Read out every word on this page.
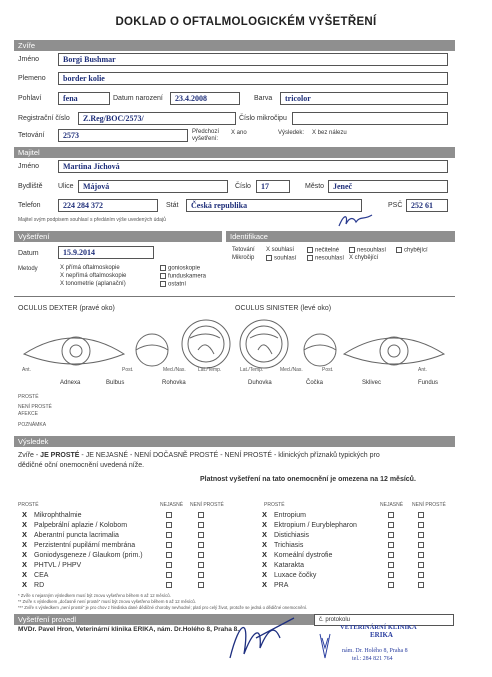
DOKLAD O OFTALMOLOGICKÉM VYŠETŘENÍ
Zvíře
Jméno	Borgi Bushmar
Plemeno border kolie
Pohlaví	fena	Datum narození 23.4.2008	Barva tricolor
Registrační číslo Z.Reg/BOC/2573/	Číslo mikročipu
Tetování 2573	Předchozí vyšetření:
X ano	Výsledek: X bez nálezu
Majitel
Jméno	Martina Jíchová
Bydliště Ulice Májová	Číslo 17	Město Jeneč
Telefon	224 284 372	Stát Česká republika	PSČ 252 61
Majitel svým podpisem souhlasí s předáním výše uvedených údajů
Vyšetření	Identifikace
Datum	15.9.2014
Metody	X přímá oftalmoskopie
X nepřímá oftalmoskopie
X tonometrie (aplanační)
gonioskopie
funduskamera
ostatní
Tetování X souhlasí	nečitelné	nesouhlasí	chybějící
Mikročip	souhlasí	nesouhlasí X chybějící
OCULUS DEXTER (pravé oko)	OCULUS SINISTER (levé oko)
Ant.	Post.	Med./Nas. Lat./Temp.	Lat./Temp.	Med./Nas.	Post.	Ant.
Adnexa	Bulbus	Rohovka	Duhovka	Čočka	Sklivec	Fundus
PROSTÉ
NENÍ PROSTÉ
AFEKCE
POZNÁMKA
Výsledek
Zvíře - JE PROSTÉ - JE NEJASNÉ - NENÍ DOČASNĚ PROSTÉ - NENÍ PROSTÉ - klinických příznaků typických pro
dědičné oční onemocnění uvedená níže.
Platnost vyšetření na tato onemocnění je omezena na 12 měsíců.
PROSTÉ	NEJASNÉ NENÍ PROSTÉ	PROSTÉ	NEJASNÉ NENÍ PROSTÉ
X Mikrophthalmie
X Palpebrální aplazie / Kolobom
X Aberantní puncta lacrimalia
X Perzistentní pupilární membrána
X Goniodysgeneze / Glaukom (prim.)
X PHTVL / PHPV
X CEA
X RD
X Entropium
X Ektropium / Euryblepharon
X Distichiasis
X Trichiasis
X Korneální dystrofie
X Katarakta
X Luxace čočky
X PRA
* Zvíře s nejasným výsledkem musí být znovu vyšetřeno během 6 až 12 měsíců.
** Zvíře s výsledkem „dočasně není prosté“ musí být znovu vyšetřeno během 6 až 12 měsíců.
*** Zvíře s výsledkem „není prosté“ je pro chov z hlediska dané dědičné choroby nevhodné; platí pro celý život, protože se jedná o dědičné onemocnění.
Vyšetření provedl
MVDr. Pavel Hron, Veterinární klinika ERIKA, nám. Dr.Holého 8, Praha 8.
č. protokolu
VETERINÁRNÍ KLINIKA
ERIKA
nám. Dr. Holého 8, Praha 8
tel.: 284 821 764
